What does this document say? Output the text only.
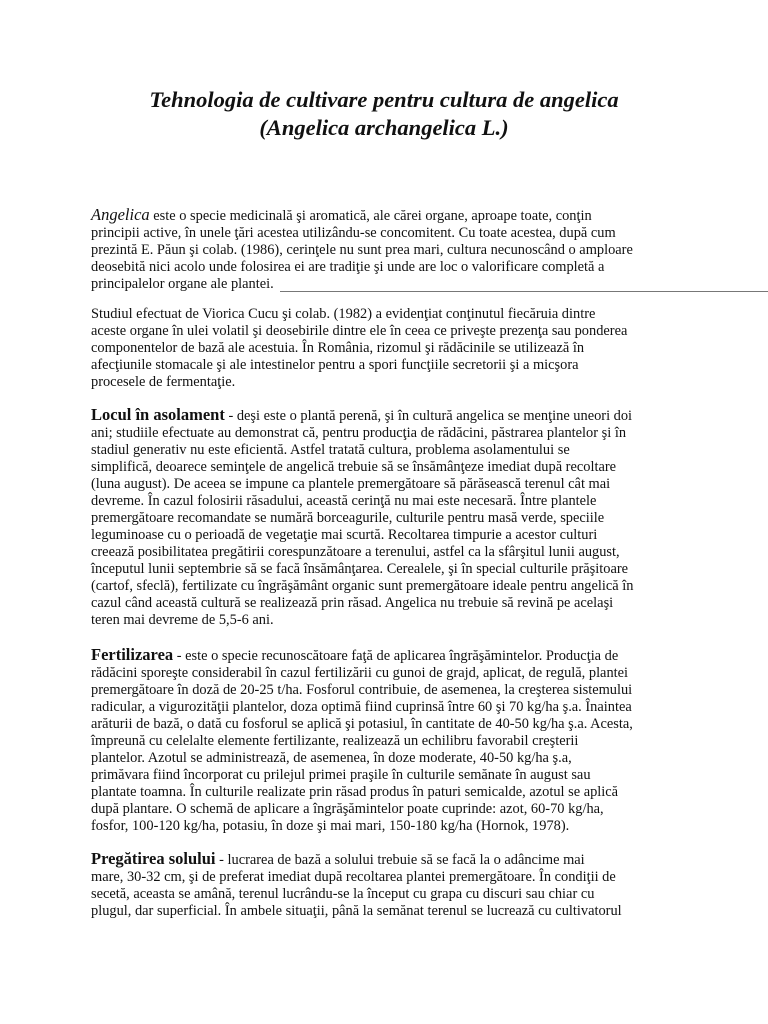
Tehnologia de cultivare pentru cultura de angelica
(Angelica archangelica L.)
Angelica este o specie medicinală şi aromatică, ale cărei organe, aproape toate, conţin
principii active, în unele ţări acestea utilizându-se concomitent. Cu toate acestea, după cum
prezintă E. Păun şi colab. (1986), cerinţele nu sunt prea mari, cultura necunoscând o amploare
deosebită nici acolo unde folosirea ei are tradiţie şi unde are loc o valorificare completă a
principalelor organe ale plantei.
Studiul efectuat de Viorica Cucu şi colab. (1982) a evidenţiat conţinutul fiecăruia dintre
aceste organe în ulei volatil şi deosebirile dintre ele în ceea ce priveşte prezenţa sau ponderea
componentelor de bază ale acestuia. În România, rizomul şi rădăcinile se utilizează în
afecţiunile stomacale şi ale intestinelor pentru a spori funcţiile secretorii şi a micşora
procesele de fermentaţie.
Locul în asolament - deşi este o plantă perenă, şi în cultură angelica se menţine uneori doi
ani; studiile efectuate au demonstrat că, pentru producţia de rădăcini, păstrarea plantelor şi în
stadiul generativ nu este eficientă. Astfel tratată cultura, problema asolamentului se
simplifică, deoarece seminţele de angelică trebuie să se însămânţeze imediat după recoltare
(luna august). De aceea se impune ca plantele premergătoare să părăsească terenul cât mai
devreme. În cazul folosirii răsadului, această cerinţă nu mai este necesară. Între plantele
premergătoare recomandate se numără borceagurile, culturile pentru masă verde, speciile
leguminoase cu o perioadă de vegetaţie mai scurtă. Recoltarea timpurie a acestor culturi
creează posibilitatea pregătirii corespunzătoare a terenului, astfel ca la sfârşitul lunii august,
începutul lunii septembrie să se facă însămânţarea. Cerealele, şi în special culturile prăşitoare
(cartof, sfeclă), fertilizate cu îngrăşământ organic sunt premergătoare ideale pentru angelică în
cazul când această cultură se realizează prin răsad. Angelica nu trebuie să revină pe acelaşi
teren mai devreme de 5,5-6 ani.
Fertilizarea - este o specie recunoscătoare faţă de aplicarea îngrăşămintelor. Producţia de
rădăcini sporeşte considerabil în cazul fertilizării cu gunoi de grajd, aplicat, de regulă, plantei
premergătoare în doză de 20-25 t/ha. Fosforul contribuie, de asemenea, la creşterea sistemului
radicular, a vigurozităţii plantelor, doza optimă fiind cuprinsă între 60 şi 70 kg/ha ş.a. Înaintea
arăturii de bază, o dată cu fosforul se aplică şi potasiul, în cantitate de 40-50 kg/ha ş.a. Acesta,
împreună cu celelalte elemente fertilizante, realizează un echilibru favorabil creşterii
plantelor. Azotul se administrează, de asemenea, în doze moderate, 40-50 kg/ha ş.a,
primăvara fiind încorporat cu prilejul primei praşile în culturile semănate în august sau
plantate toamna. În culturile realizate prin răsad produs în paturi semicalde, azotul se aplică
după plantare. O schemă de aplicare a îngrăşămintelor poate cuprinde: azot, 60-70 kg/ha,
fosfor, 100-120 kg/ha, potasiu, în doze şi mai mari, 150-180 kg/ha (Hornok, 1978).
Pregătirea solului - lucrarea de bază a solului trebuie să se facă la o adâncime mai
mare, 30-32 cm, şi de preferat imediat după recoltarea plantei premergătoare. În condiţii de
secetă, aceasta se amână, terenul lucrându-se la început cu grapa cu discuri sau chiar cu
plugul, dar superficial. În ambele situaţii, până la semănat terenul se lucrează cu cultivatorul
